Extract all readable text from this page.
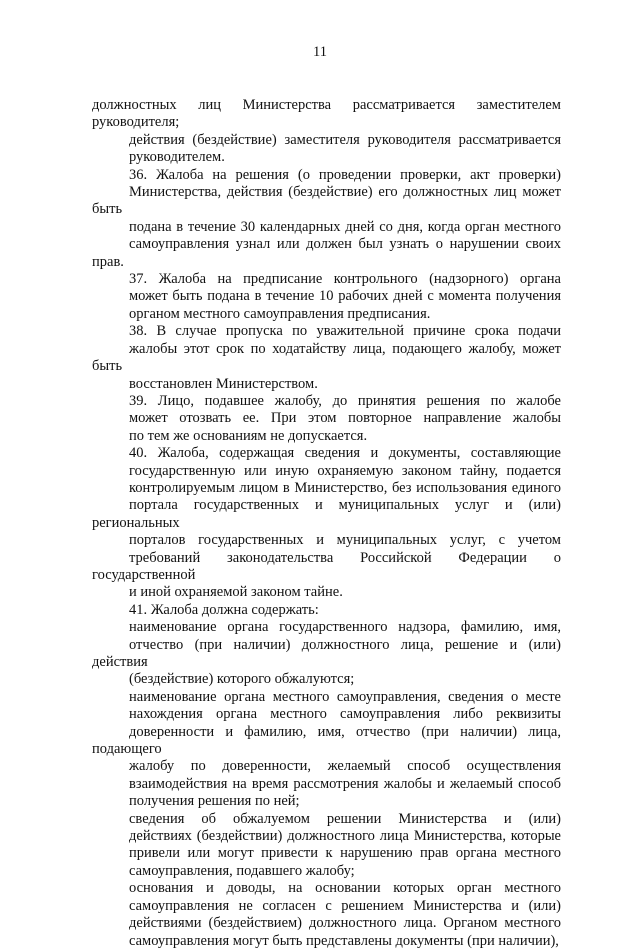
11
должностных лиц Министерства рассматривается заместителем
руководителя;
действия (бездействие) заместителя руководителя рассматривается
руководителем.
36. Жалоба на решения (о проведении проверки, акт проверки)
Министерства, действия (бездействие) его должностных лиц может быть
подана в течение 30 календарных дней со дня, когда орган местного
самоуправления узнал или должен был узнать о нарушении своих прав.
37. Жалоба на предписание контрольного (надзорного) органа
может быть подана в течение 10 рабочих дней с момента получения
органом местного самоуправления предписания.
38. В случае пропуска по уважительной причине срока подачи
жалобы этот срок по ходатайству лица, подающего жалобу, может быть
восстановлен Министерством.
39. Лицо, подавшее жалобу, до принятия решения по жалобе
может отозвать ее. При этом повторное направление жалобы
по тем же основаниям не допускается.
40. Жалоба, содержащая сведения и документы, составляющие
государственную или иную охраняемую законом тайну, подается
контролируемым лицом в Министерство, без использования единого
портала государственных и муниципальных услуг и (или) региональных
порталов государственных и муниципальных услуг, с учетом
требований законодательства Российской Федерации о государственной
и иной охраняемой законом тайне.
41. Жалоба должна содержать:
наименование органа государственного надзора, фамилию, имя,
отчество (при наличии) должностного лица, решение и (или) действия
(бездействие) которого обжалуются;
наименование органа местного самоуправления, сведения о месте
нахождения органа местного самоуправления либо реквизиты
доверенности и фамилию, имя, отчество (при наличии) лица, подающего
жалобу по доверенности, желаемый способ осуществления
взаимодействия на время рассмотрения жалобы и желаемый способ
получения решения по ней;
сведения об обжалуемом решении Министерства и (или)
действиях (бездействии) должностного лица Министерства, которые
привели или могут привести к нарушению прав органа местного
самоуправления, подавшего жалобу;
основания и доводы, на основании которых орган местного
самоуправления не согласен с решением Министерства и (или)
действиями (бездействием) должностного лица. Органом местного
самоуправления могут быть представлены документы (при наличии),
